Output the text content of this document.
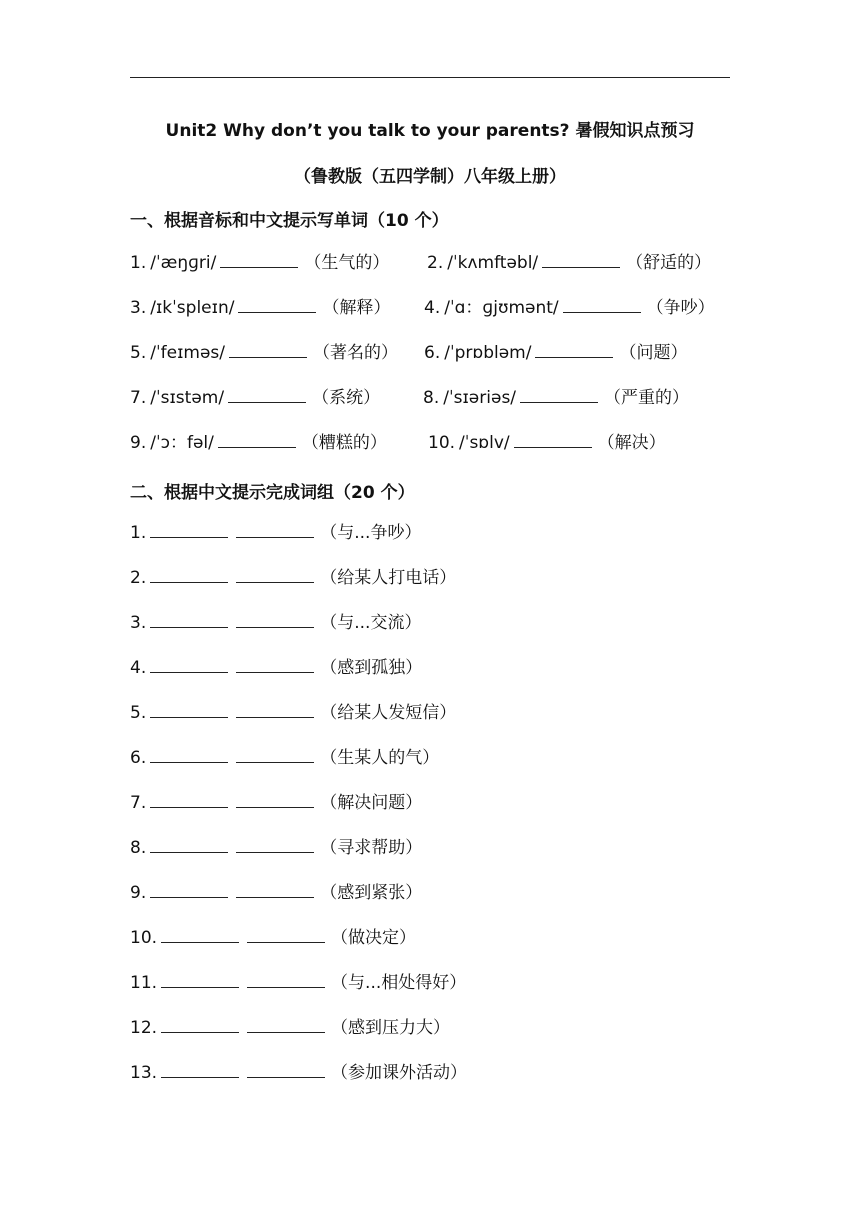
Unit2 Why don’t you talk to your parents? 暑假知识点预习
（鲁教版（五四学制）八年级上册）
一、根据音标和中文提示写单词（10 个）
1. /ˈæŋɡri/	（生气的） 2. /ˈkʌmftəbl/	（舒适的）
3. /ɪkˈspleɪn/	（解释） 4. /ˈɑ：ɡjʊmənt/	（争吵）
5. /ˈfeɪməs/	（著名的） 6. /ˈprɒbləm/	（问题）
7. /ˈsɪstəm/	（系统）	8. /ˈsɪəriəs/	（严重的）
9. /ˈɔ：fəl/	（糟糕的） 10. /ˈsɒlv/	（解决）
二、根据中文提示完成词组（20 个）
1.	（与...争吵）
2.	（给某人打电话）
3.	（与...交流）
4.	（感到孤独）
5.	（给某人发短信）
6.	（生某人的气）
7.	（解决问题）
8.	（寻求帮助）
9.	（感到紧张）
10.	（做决定）
11.	（与...相处得好）
12.	（感到压力大）
13.	（参加课外活动）
